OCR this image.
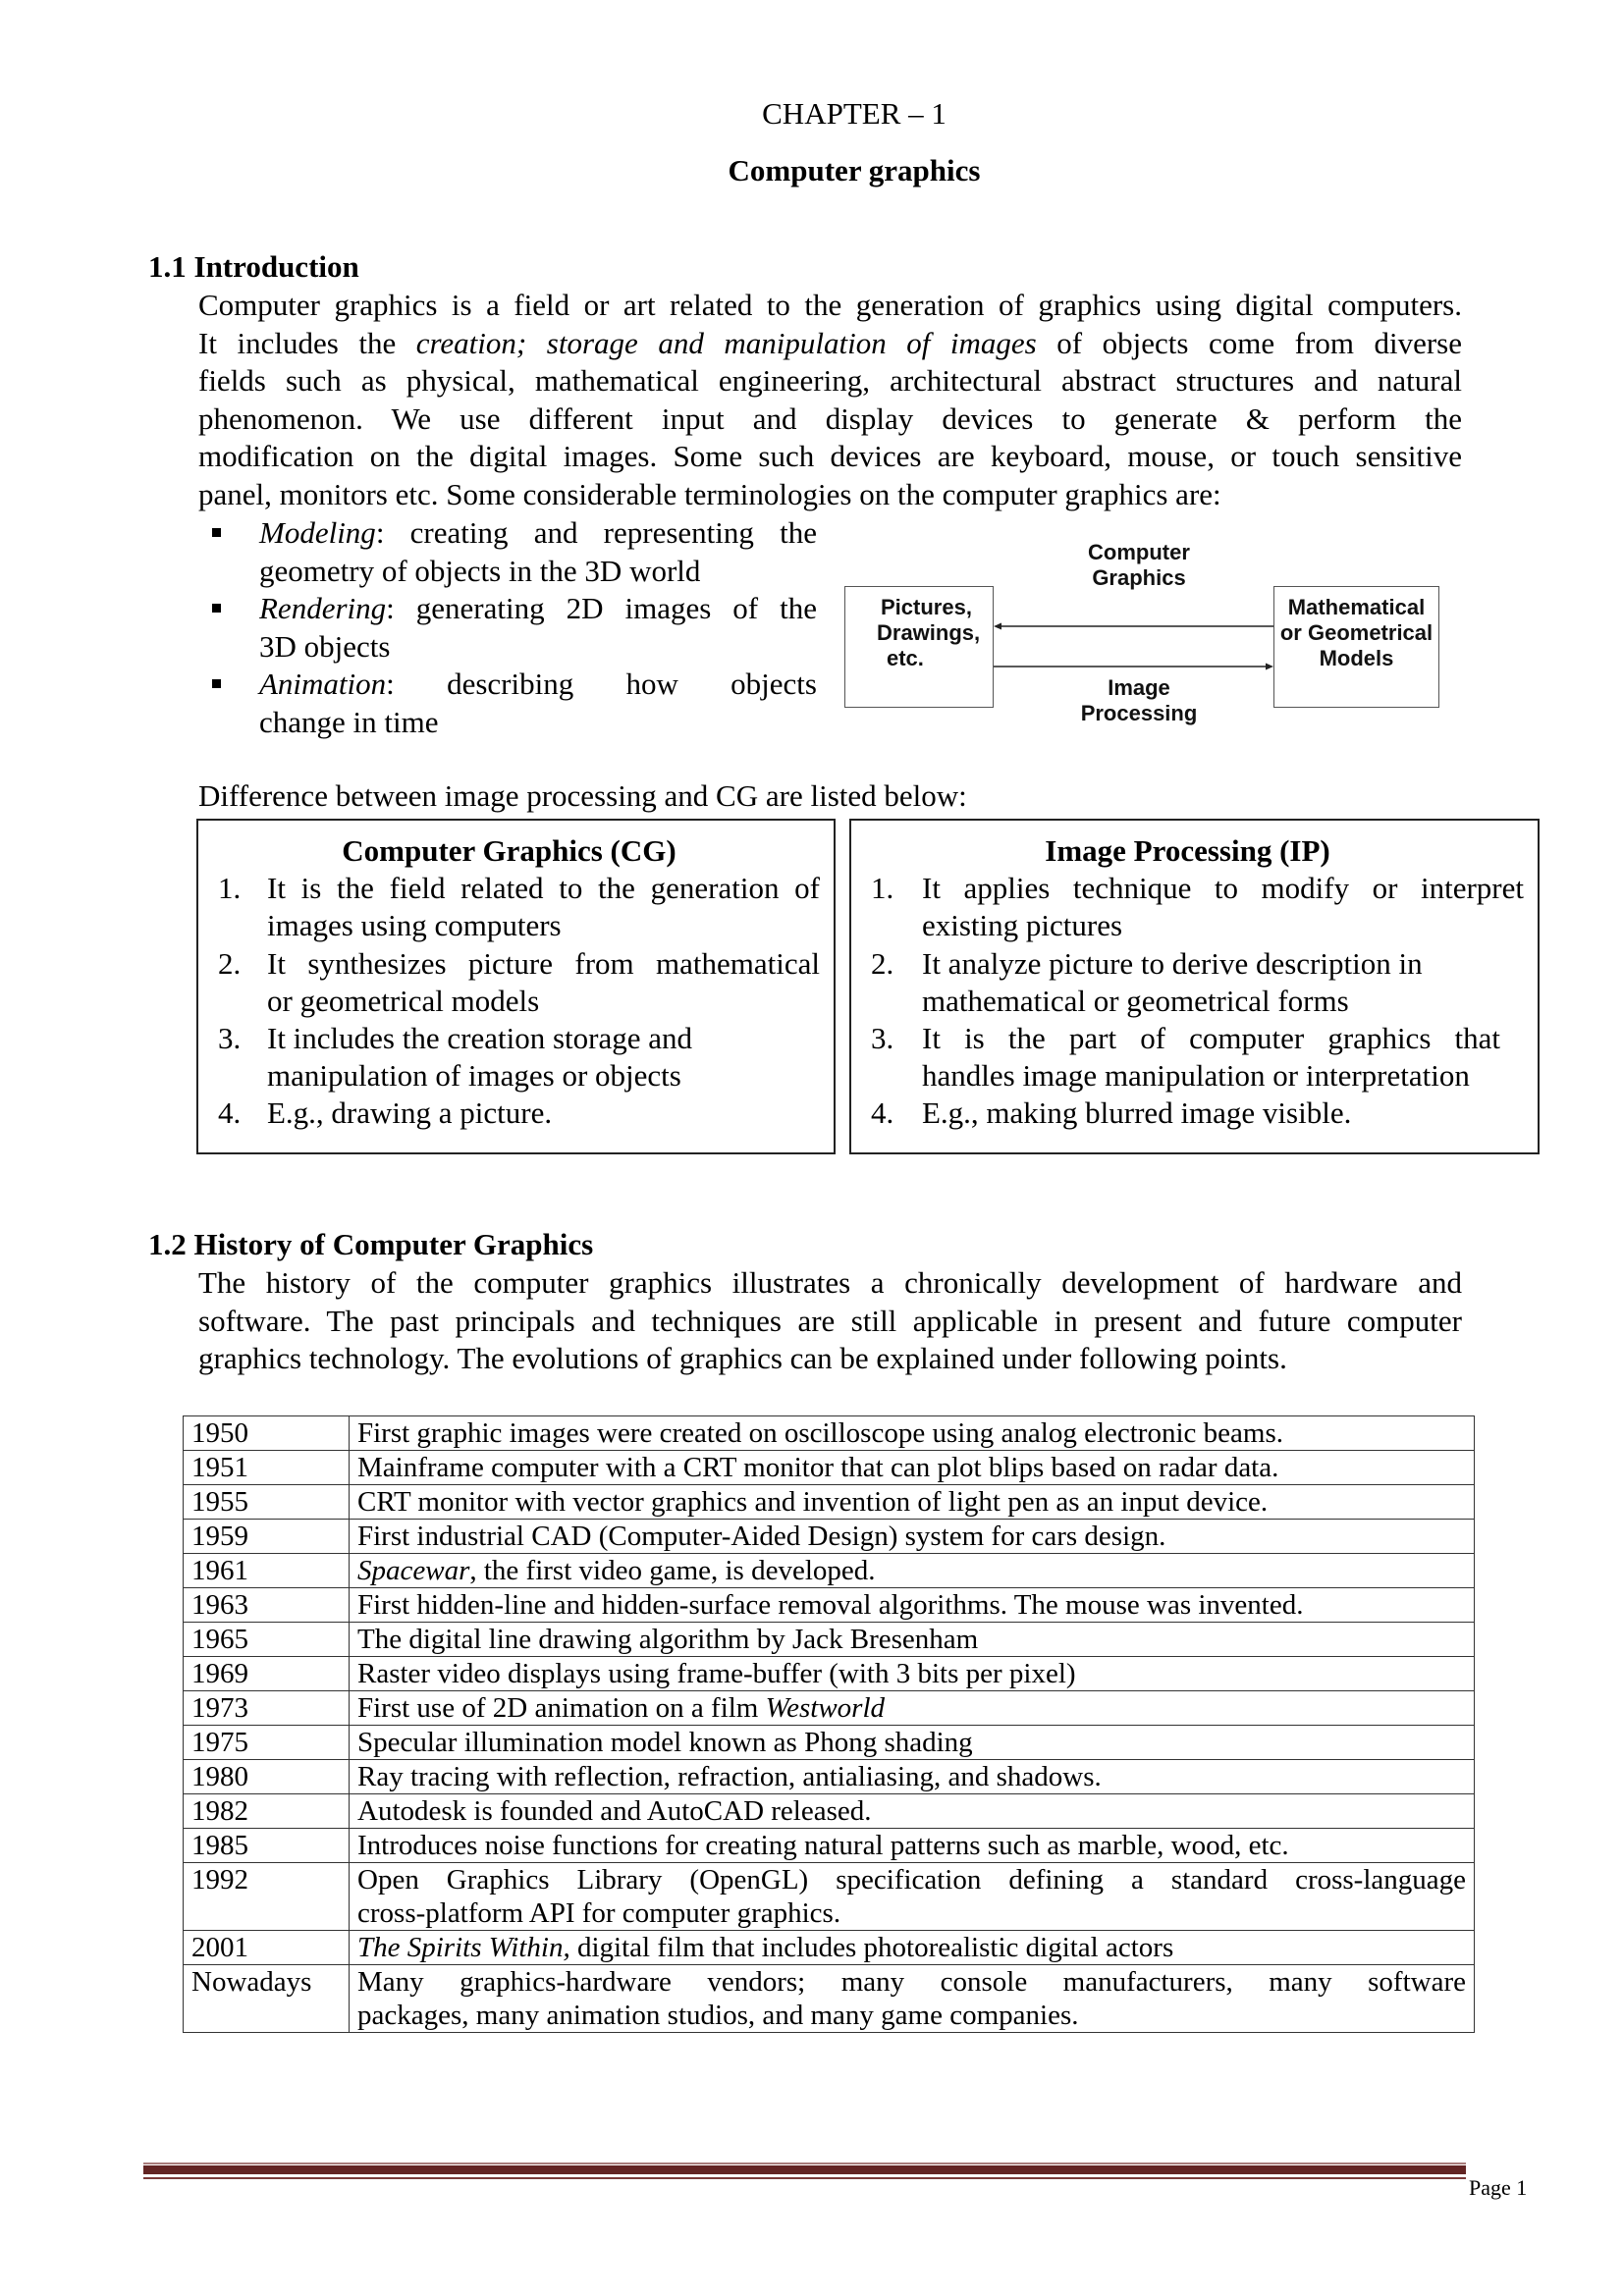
CHAPTER – 1
Computer graphics
1.1 Introduction
Computer graphics is a field or art related to the generation of graphics using digital computers.
It includes the creation; storage and manipulation of images of objects come from diverse
fields such as physical, mathematical engineering, architectural abstract structures and natural
phenomenon. We use different input and display devices to generate & perform the
modification on the digital images. Some such devices are keyboard, mouse, or touch sensitive
panel, monitors etc. Some considerable terminologies on the computer graphics are:
Modeling: creating and representing the
geometry of objects in the 3D world
Rendering: generating 2D images of the
3D objects
Animation: describing how objects
change in time
Pictures,
Drawings,
etc.
Mathematical
or Geometrical
Models
Computer
Graphics
Image
Processing
Difference between image processing and CG are listed below:
Computer Graphics (CG)
1. It is the field related to the generation of
images using computers
2. It synthesizes picture from mathematical
or geometrical models
3. It includes the creation storage and
manipulation of images or objects
4. E.g., drawing a picture.
Image Processing (IP)
1. It applies technique to modify or interpret
existing pictures
2. It analyze picture to derive description in
mathematical or geometrical forms
3. It is the part of computer graphics that
handles image manipulation or interpretation
4. E.g., making blurred image visible.
1.2 History of Computer Graphics
The history of the computer graphics illustrates a chronically development of hardware and
software. The past principals and techniques are still applicable in present and future computer
graphics technology. The evolutions of graphics can be explained under following points.
1950	First graphic images were created on oscilloscope using analog electronic beams.
1951	Mainframe computer with a CRT monitor that can plot blips based on radar data.
1955	CRT monitor with vector graphics and invention of light pen as an input device.
1959	First industrial CAD (Computer-Aided Design) system for cars design.
1961	Spacewar, the first video game, is developed.
1963	First hidden-line and hidden-surface removal algorithms. The mouse was invented.
1965	The digital line drawing algorithm by Jack Bresenham
1969	Raster video displays using frame-buffer (with 3 bits per pixel)
1973	First use of 2D animation on a film Westworld
1975	Specular illumination model known as Phong shading
1980	Ray tracing with reflection, refraction, antialiasing, and shadows.
1982	Autodesk is founded and AutoCAD released.
1985	Introduces noise functions for creating natural patterns such as marble, wood, etc.
1992	Open Graphics Library (OpenGL) specification defining a standard cross-language
cross-platform API for computer graphics.

2001	The Spirits Within, digital film that includes photorealistic digital actors
Nowadays	Many graphics-hardware vendors; many console manufacturers, many software
packages, many animation studios, and many game companies.
Page 1
